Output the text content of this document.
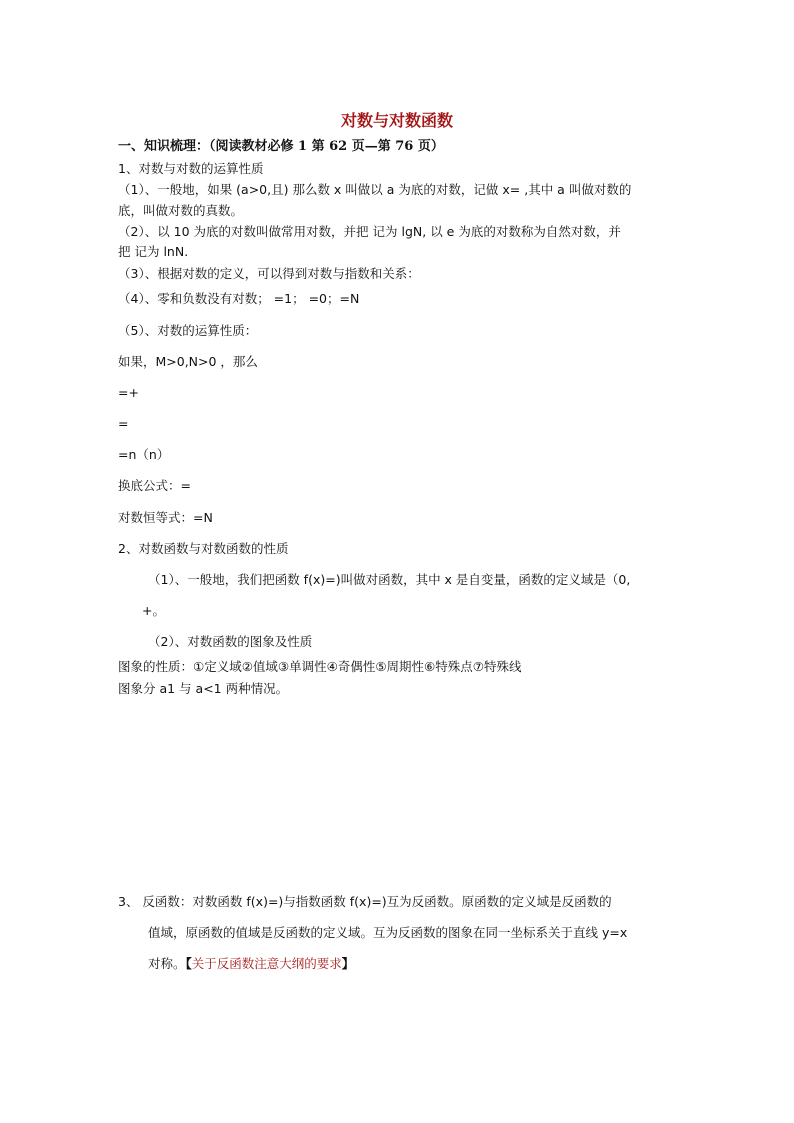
对数与对数函数
一、知识梳理：（阅读教材必修 1 第 62 页—第 76 页）
1、对数与对数的运算性质
（1）、一般地，如果 (a>0,且) 那么数 x 叫做以 a 为底的对数，记做 x= ,其中 a 叫做对数的
底，叫做对数的真数。
（2）、以 10 为底的对数叫做常用对数，并把 记为 lgN, 以 e 为底的对数称为自然对数，并
把 记为 lnN.
（3）、根据对数的定义，可以得到对数与指数和关系：
（4）、零和负数没有对数； =1； =0；=N
（5）、对数的运算性质：
如果，M>0,N>0 ，那么
=+
=
=n（n）
换底公式：=
对数恒等式：=N
2、对数函数与对数函数的性质
（1）、一般地，我们把函数 f(x)=)叫做对函数，其中 x 是自变量，函数的定义域是（0,
+。
（2）、对数函数的图象及性质
图象的性质：①定义域②值域③单调性④奇偶性⑤周期性⑥特殊点⑦特殊线
图象分 a1 与 a<1 两种情况。
3、 反函数：对数函数 f(x)=)与指数函数 f(x)=)互为反函数。原函数的定义域是反函数的
值域，原函数的值域是反函数的定义域。互为反函数的图象在同一坐标系关于直线 y=x
对称。【关于反函数注意大纲的要求】
